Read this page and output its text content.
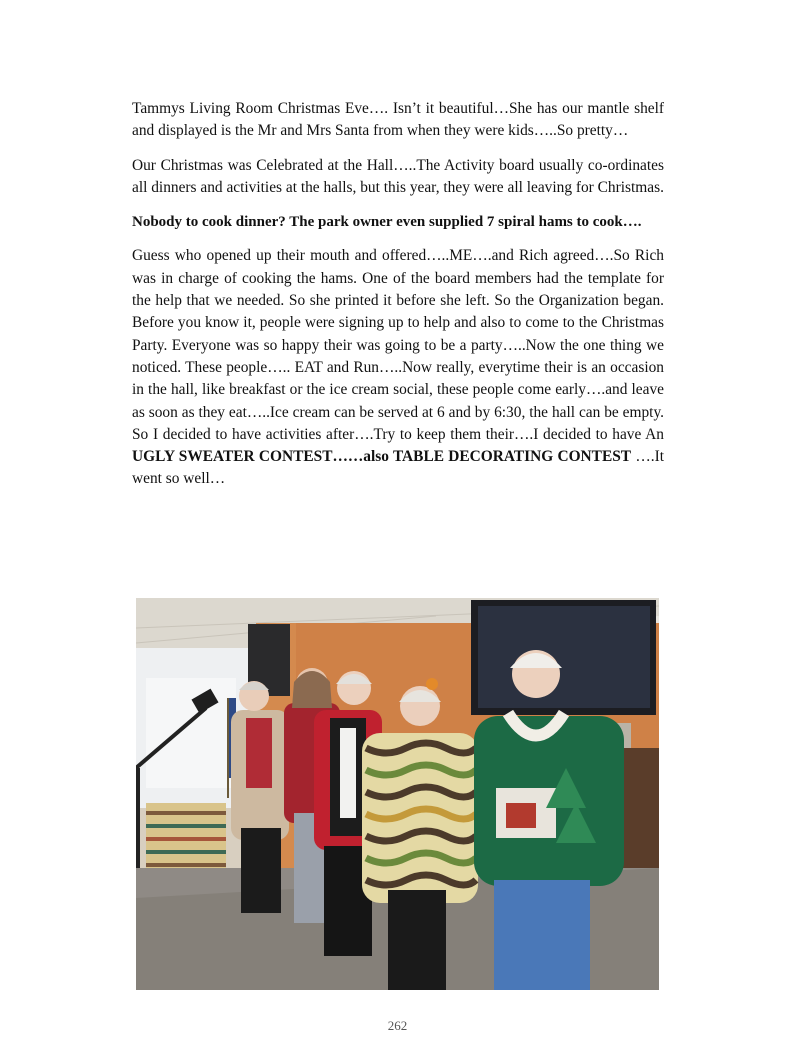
Tammys Living Room Christmas Eve…. Isn’t it beautiful…She has our mantle shelf and displayed is the Mr and Mrs Santa from when they were kids…..So pretty…

Our Christmas was Celebrated at the Hall…..The Activity board usually co-ordinates all dinners and activities at the halls, but this year, they were all leaving for Christmas.

Nobody to cook dinner? The park owner even supplied 7 spiral hams to cook….

Guess who opened up their mouth and offered…..ME….and Rich agreed….So Rich was in charge of cooking the hams. One of the board members had the template for the help that we needed. So she printed it before she left. So the Organization began. Before you know it, people were signing up to help and also to come to the Christmas Party. Everyone was so happy their was going to be a party…..Now the one thing we noticed. These people….. EAT and Run…..Now really, everytime their is an occasion in the hall, like breakfast or the ice cream social, these people come early….and leave as soon as they eat…..Ice cream can be served at 6 and by 6:30, the hall can be empty. So I decided to have activities after….Try to keep them their….I decided to have An UGLY SWEATER CONTEST……also TABLE DECORATING CONTEST ….It went so well…

262
